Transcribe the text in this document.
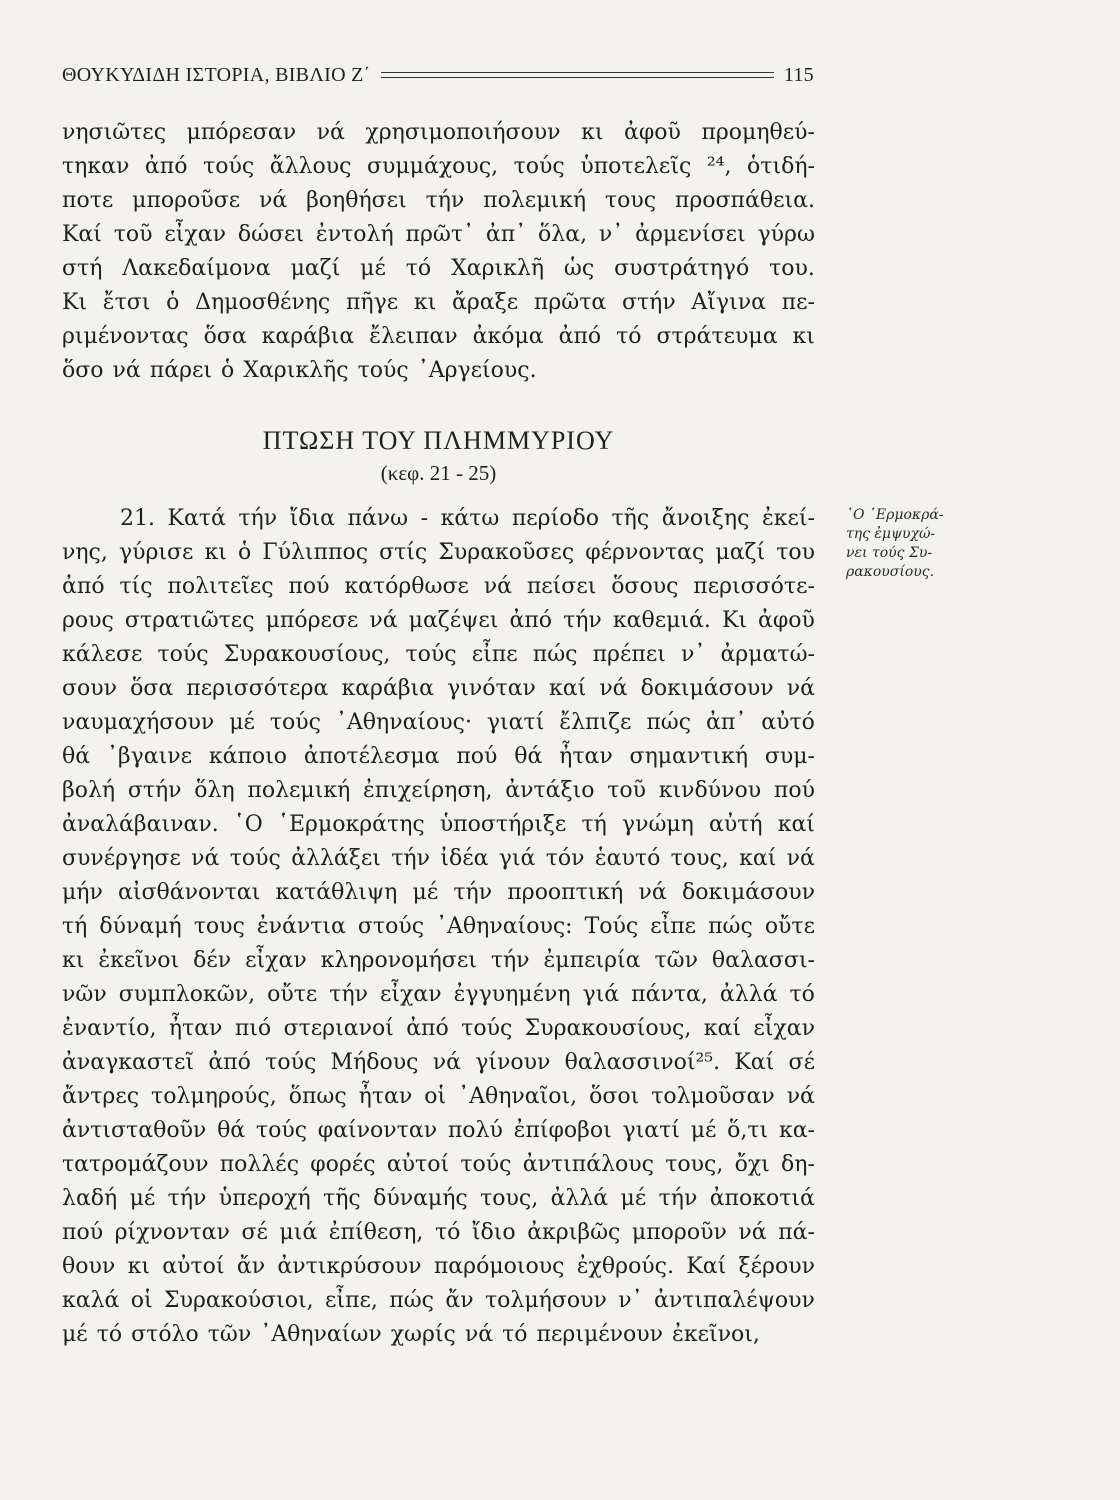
ΘΟΥΚΥΔΙΔΗ ΙΣΤΟΡΙΑ, ΒΙΒΛΙΟ Ζ΄	115
νησιῶτες μπόρεσαν νά χρησιμοποιήσουν κι ἀφοῦ προμηθεύ-
τηκαν ἀπό τούς ἄλλους συμμάχους, τούς ὑποτελεῖς ²⁴, ὁτιδή-
ποτε μποροῦσε νά βοηθήσει τήν πολεμική τους προσπάθεια.
Καί τοῦ εἶχαν δώσει ἐντολή πρῶτ᾿ ἀπ᾿ ὅλα, ν᾿ ἀρμενίσει γύρω
στή Λακεδαίμονα μαζί μέ τό Χαρικλῆ ὡς συστράτηγό του.
Κι ἔτσι ὁ Δημοσθένης πῆγε κι ἄραξε πρῶτα στήν Αἴγινα πε-
ριμένοντας ὅσα καράβια ἔλειπαν ἀκόμα ἀπό τό στράτευμα κι
ὅσο νά πάρει ὁ Χαρικλῆς τούς ᾿Αργείους.
ΠΤΩΣΗ ΤΟΥ ΠΛΗΜΜΥΡΙΟΥ
(κεφ. 21 - 25)
21. Κατά τήν ἴδια πάνω - κάτω περίοδο τῆς ἄνοιξης ἐκεί-
νης, γύρισε κι ὁ Γύλιππος στίς Συρακοῦσες φέρνοντας μαζί του
ἀπό τίς πολιτεῖες πού κατόρθωσε νά πείσει ὅσους περισσότε-
ρους στρατιῶτες μπόρεσε νά μαζέψει ἀπό τήν καθεμιά. Κι ἀφοῦ
κάλεσε τούς Συρακουσίους, τούς εἶπε πώς πρέπει ν᾿ ἀρματώ-
σουν ὅσα περισσότερα καράβια γινόταν καί νά δοκιμάσουν νά
ναυμαχήσουν μέ τούς ᾿Αθηναίους· γιατί ἔλπιζε πώς ἀπ᾿ αὐτό
θά ᾿βγαινε κάποιο ἀποτέλεσμα πού θά ἦταν σημαντική συμ-
βολή στήν ὅλη πολεμική ἐπιχείρηση, ἀντάξιο τοῦ κινδύνου πού
ἀναλάβαιναν. ῾Ο ῾Ερμοκράτης ὑποστήριξε τή γνώμη αὐτή καί
συνέργησε νά τούς ἀλλάξει τήν ἰδέα γιά τόν ἑαυτό τους, καί νά
μήν αἰσθάνονται κατάθλιψη μέ τήν προοπτική νά δοκιμάσουν
τή δύναμή τους ἐνάντια στούς ᾿Αθηναίους: Τούς εἶπε πώς οὔτε
κι ἐκεῖνοι δέν εἶχαν κληρονομήσει τήν ἐμπειρία τῶν θαλασσι-
νῶν συμπλοκῶν, οὔτε τήν εἶχαν ἐγγυημένη γιά πάντα, ἀλλά τό
ἐναντίο, ἦταν πιό στεριανοί ἀπό τούς Συρακουσίους, καί εἶχαν
ἀναγκαστεῖ ἀπό τούς Μήδους νά γίνουν θαλασσινοί²⁵. Καί σέ
ἄντρες τολμηρούς, ὅπως ἦταν οἱ ᾿Αθηναῖοι, ὅσοι τολμοῦσαν νά
ἀντισταθοῦν θά τούς φαίνονταν πολύ ἐπίφοβοι γιατί μέ ὅ,τι κα-
τατρομάζουν πολλές φορές αὐτοί τούς ἀντιπάλους τους, ὄχι δη-
λαδή μέ τήν ὑπεροχή τῆς δύναμής τους, ἀλλά μέ τήν ἀποκοτιά
πού ρίχνονταν σέ μιά ἐπίθεση, τό ἴδιο ἀκριβῶς μποροῦν νά πά-
θουν κι αὐτοί ἄν ἀντικρύσουν παρόμοιους ἐχθρούς. Καί ξέρουν
καλά οἱ Συρακούσιοι, εἶπε, πώς ἄν τολμήσουν ν᾿ ἀντιπαλέψουν
μέ τό στόλο τῶν ᾿Αθηναίων χωρίς νά τό περιμένουν ἐκεῖνοι,
῾Ο ῾Ερμοκρά-
της ἐμψυχώ-
νει τούς Συ-
ρακουσίους.
